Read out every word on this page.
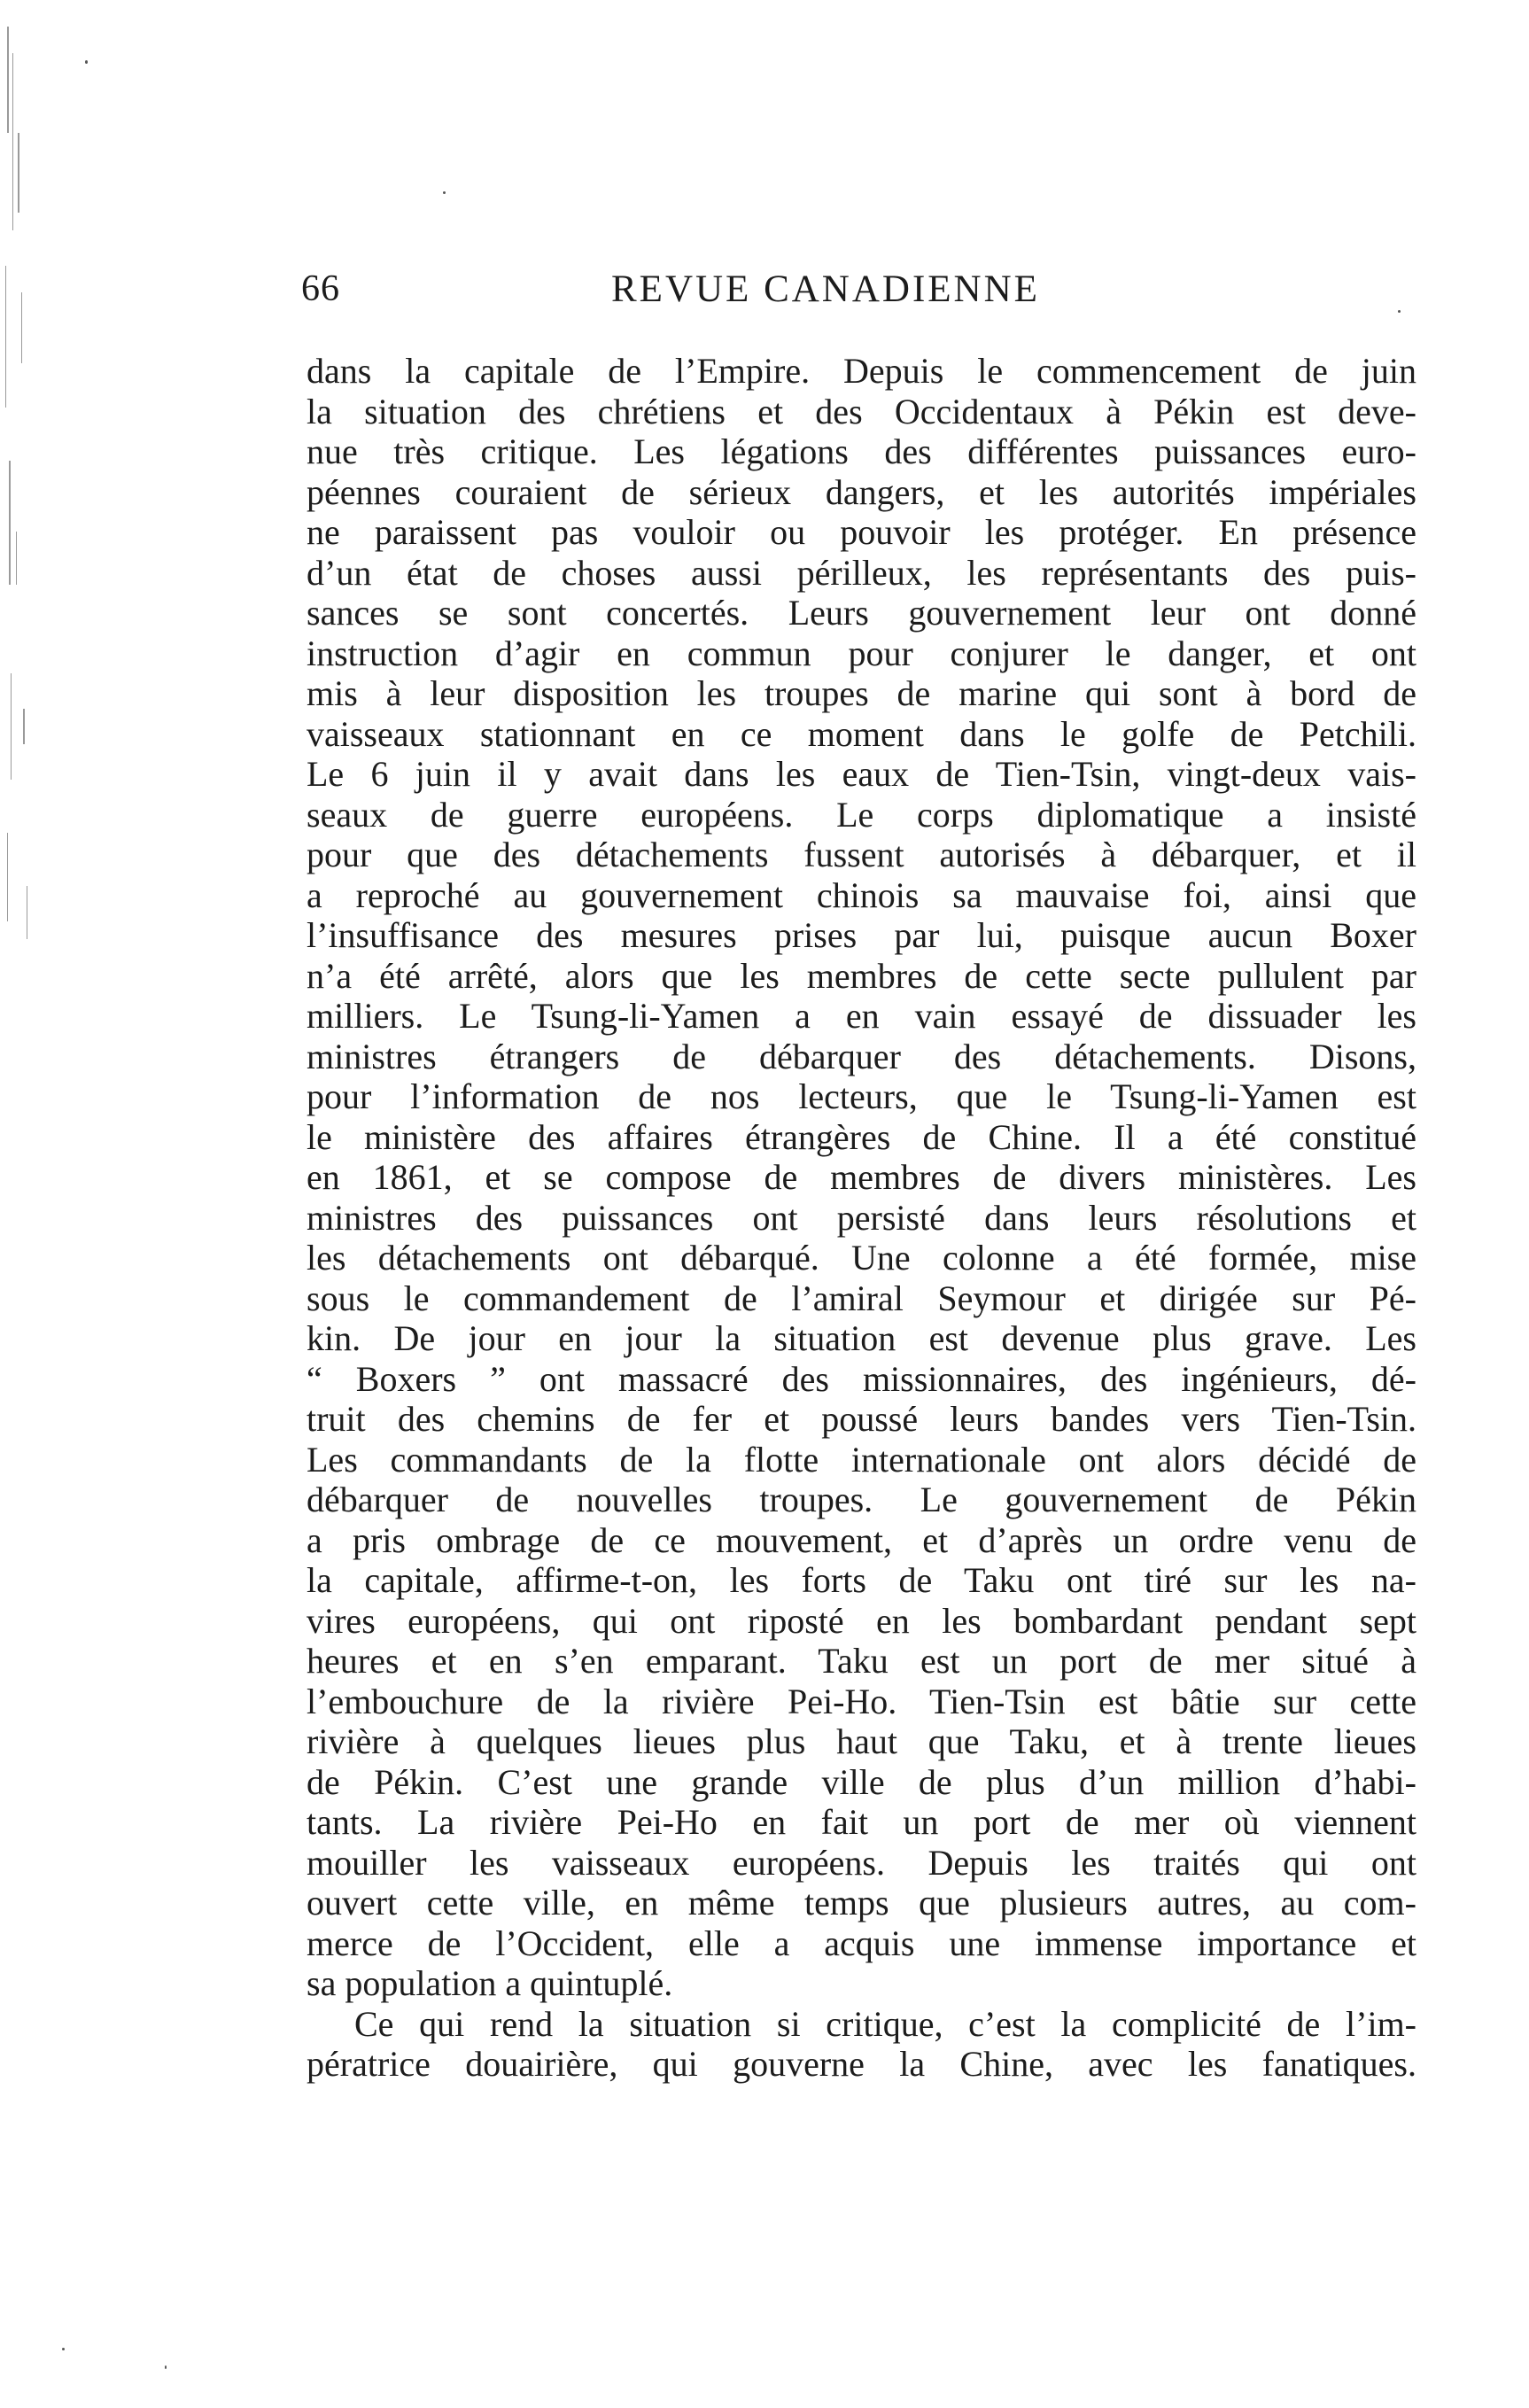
66	REVUE CANADIENNE
dans la capitale de l’Empire. Depuis le commencement de juin
la situation des chrétiens et des Occidentaux à Pékin est deve-
nue très critique. Les légations des différentes puissances euro-
péennes couraient de sérieux dangers, et les autorités impériales
ne paraissent pas vouloir ou pouvoir les protéger. En présence
d’un état de choses aussi périlleux, les représentants des puis-
sances se sont concertés. Leurs gouvernement leur ont donné
instruction d’agir en commun pour conjurer le danger, et ont
mis à leur disposition les troupes de marine qui sont à bord de
vaisseaux stationnant en ce moment dans le golfe de Petchili.
Le 6 juin il y avait dans les eaux de Tien-Tsin, vingt-deux vais-
seaux de guerre européens. Le corps diplomatique a insisté
pour que des détachements fussent autorisés à débarquer, et il
a reproché au gouvernement chinois sa mauvaise foi, ainsi que
l’insuffisance des mesures prises par lui, puisque aucun Boxer
n’a été arrêté, alors que les membres de cette secte pullulent par
milliers. Le Tsung-li-Yamen a en vain essayé de dissuader les
ministres étrangers de débarquer des détachements. Disons,
pour l’information de nos lecteurs, que le Tsung-li-Yamen est
le ministère des affaires étrangères de Chine. Il a été constitué
en 1861, et se compose de membres de divers ministères. Les
ministres des puissances ont persisté dans leurs résolutions et
les détachements ont débarqué. Une colonne a été formée, mise
sous le commandement de l’amiral Seymour et dirigée sur Pé-
kin. De jour en jour la situation est devenue plus grave. Les
“ Boxers ” ont massacré des missionnaires, des ingénieurs, dé-
truit des chemins de fer et poussé leurs bandes vers Tien-Tsin.
Les commandants de la flotte internationale ont alors décidé de
débarquer de nouvelles troupes. Le gouvernement de Pékin
a pris ombrage de ce mouvement, et d’après un ordre venu de
la capitale, affirme-t-on, les forts de Taku ont tiré sur les na-
vires européens, qui ont riposté en les bombardant pendant sept
heures et en s’en emparant. Taku est un port de mer situé à
l’embouchure de la rivière Pei-Ho. Tien-Tsin est bâtie sur cette
rivière à quelques lieues plus haut que Taku, et à trente lieues
de Pékin. C’est une grande ville de plus d’un million d’habi-
tants. La rivière Pei-Ho en fait un port de mer où viennent
mouiller les vaisseaux européens. Depuis les traités qui ont
ouvert cette ville, en même temps que plusieurs autres, au com-
merce de l’Occident, elle a acquis une immense importance et
sa population a quintuplé.
Ce qui rend la situation si critique, c’est la complicité de l’im-
pératrice douairière, qui gouverne la Chine, avec les fanatiques.
